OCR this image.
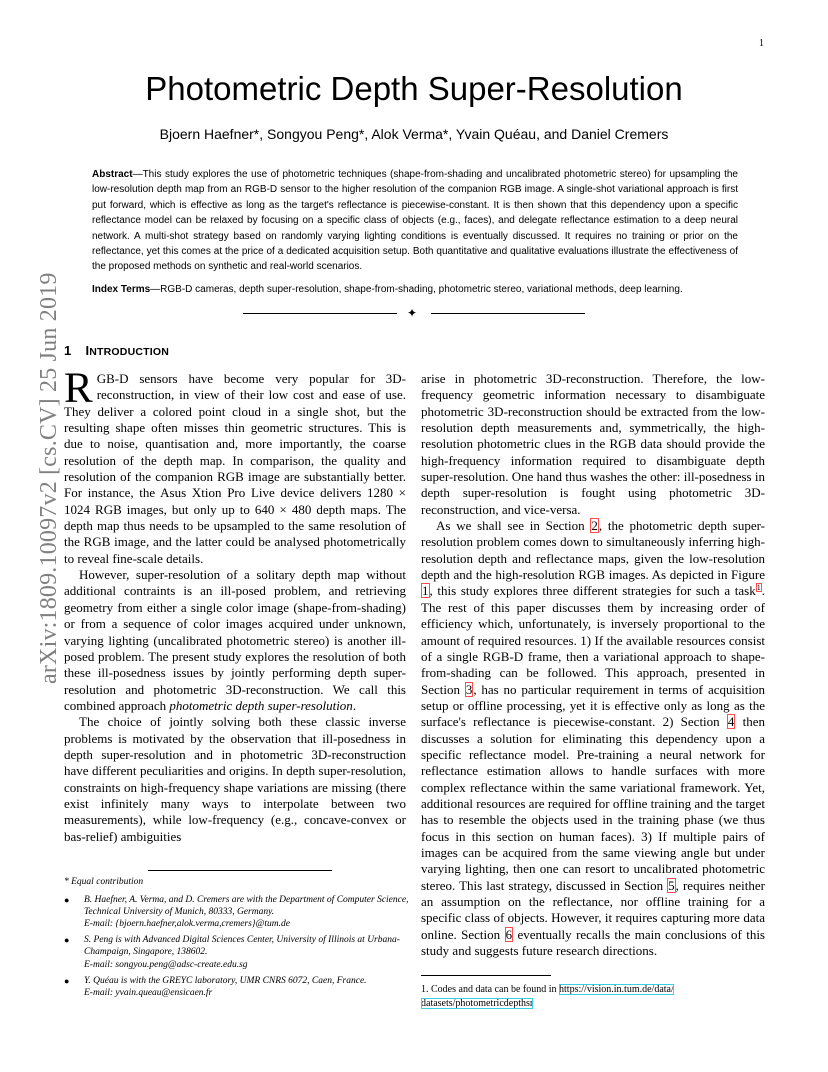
1
arXiv:1809.10097v2 [cs.CV] 25 Jun 2019
Photometric Depth Super-Resolution
Bjoern Haefner*, Songyou Peng*, Alok Verma*, Yvain Quéau, and Daniel Cremers
Abstract—This study explores the use of photometric techniques (shape-from-shading and uncalibrated photometric stereo) for upsampling the low-resolution depth map from an RGB-D sensor to the higher resolution of the companion RGB image. A single-shot variational approach is first put forward, which is effective as long as the target's reflectance is piecewise-constant. It is then shown that this dependency upon a specific reflectance model can be relaxed by focusing on a specific class of objects (e.g., faces), and delegate reflectance estimation to a deep neural network. A multi-shot strategy based on randomly varying lighting conditions is eventually discussed. It requires no training or prior on the reflectance, yet this comes at the price of a dedicated acquisition setup. Both quantitative and qualitative evaluations illustrate the effectiveness of the proposed methods on synthetic and real-world scenarios.
Index Terms—RGB-D cameras, depth super-resolution, shape-from-shading, photometric stereo, variational methods, deep learning.
✦
1 INTRODUCTION

RGB-D sensors have become very popular for 3D-reconstruction, in view of their low cost and ease of use. They deliver a colored point cloud in a single shot, but the resulting shape often misses thin geometric structures. This is due to noise, quantisation and, more importantly, the coarse resolution of the depth map. In comparison, the quality and resolution of the companion RGB image are substantially better. For instance, the Asus Xtion Pro Live device delivers 1280 × 1024 RGB images, but only up to 640 × 480 depth maps. The depth map thus needs to be upsampled to the same resolution of the RGB image, and the latter could be analysed photometrically to reveal fine-scale details.

However, super-resolution of a solitary depth map without additional contraints is an ill-posed problem, and retrieving geometry from either a single color image (shape-from-shading) or from a sequence of color images acquired under unknown, varying lighting (uncalibrated photometric stereo) is another ill-posed problem. The present study explores the resolution of both these ill-posedness issues by jointly performing depth super-resolution and photometric 3D-reconstruction. We call this combined approach photometric depth super-resolution.

The choice of jointly solving both these classic inverse problems is motivated by the observation that ill-posedness in depth super-resolution and in photometric 3D-reconstruction have different peculiarities and origins. In depth super-resolution, constraints on high-frequency shape variations are missing (there exist infinitely many ways to interpolate between two measurements), while low-frequency (e.g., concave-convex or bas-relief) ambiguities

arise in photometric 3D-reconstruction. Therefore, the low-frequency geometric information necessary to disambiguate photometric 3D-reconstruction should be extracted from the low-resolution depth measurements and, symmetrically, the high-resolution photometric clues in the RGB data should provide the high-frequency information required to disambiguate depth super-resolution. One hand thus washes the other: ill-posedness in depth super-resolution is fought using photometric 3D-reconstruction, and vice-versa.

As we shall see in Section 2, the photometric depth super-resolution problem comes down to simultaneously inferring high-resolution depth and reflectance maps, given the low-resolution depth and the high-resolution RGB images. As depicted in Figure 1, this study explores three different strategies for such a task$^1$. The rest of this paper discusses them by increasing order of efficiency which, unfortunately, is inversely proportional to the amount of required resources. 1) If the available resources consist of a single RGB-D frame, then a variational approach to shape-from-shading can be followed. This approach, presented in Section 3, has no particular requirement in terms of acquisition setup or offline processing, yet it is effective only as long as the surface's reflectance is piecewise-constant. 2) Section 4 then discusses a solution for eliminating this dependency upon a specific reflectance model. Pre-training a neural network for reflectance estimation allows to handle surfaces with more complex reflectance within the same variational framework. Yet, additional resources are required for offline training and the target has to resemble the objects used in the training phase (we thus focus in this section on human faces). 3) If multiple pairs of images can be acquired from the same viewing angle but under varying lighting, then one can resort to uncalibrated photometric stereo. This last strategy, discussed in Section 5, requires neither an assumption on the reflectance, nor offline training for a specific class of objects. However, it requires capturing more data online. Section 6 eventually recalls the main conclusions of this study and suggests future research directions.

* Equal contribution
● B. Haefner, A. Verma, and D. Cremers are with the Department of Computer Science, Technical University of Munich, 80333, Germany.
E-mail: {bjoern.haefner,alok.verma,cremers}@tum.de
● S. Peng is with Advanced Digital Sciences Center, University of Illinois at Urbana-Champaign, Singapore, 138602.
E-mail: songyou.peng@adsc-create.edu.sg
● Y. Quéau is with the GREYC laboratory, UMR CNRS 6072, Caen, France.
E-mail: yvain.queau@ensicaen.fr	1. Codes and data can be found in https://vision.in.tum.de/data/
datasets/photometricdepthsr
